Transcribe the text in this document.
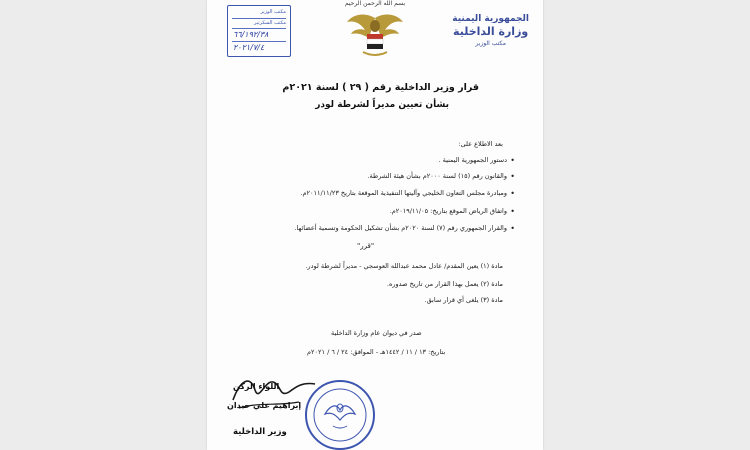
الجمهورية اليمنية
وزارة الداخلية
مكتب الوزير
بسم الله الرحمن الرحيم
مكتب الوزير
مكتب السكرتير
٦٦/١٩٢/٣٨
٢٠٢١/٧/٤
قرار وزير الداخلية رقم ( ٢٩ ) لسنة ٢٠٢١م
بشأن تعيين مديراً لشرطة لودر
بعد الاطلاع على:
• دستور الجمهورية اليمنية .
• والقانون رقم (١٥) لسنة ٢٠٠٠م بشأن هيئة الشرطة.
• ومبادرة مجلس التعاون الخليجي وآليتها التنفيذية الموقعة بتاريخ ٢٠١١/١١/٢٣م.
• واتفاق الرياض الموقع بتاريخ: ٢٠١٩/١١/٠٥م.
• والقرار الجمهوري رقم (٧) لسنة ٢٠٢٠م بشأن تشكيل الحكومة وتسمية أعضائها.
"قرر"
مادة (١) يعين المقدم/ عادل محمد عبدالله العوسجي - مديراً لشرطة لودر.
مادة (٢) يعمل بهذا القرار من تاريخ صدوره.
مادة (٣) يلغى أي قرار سابق.
صدر في ديوان عام وزارة الداخلية
بتاريخ: ١٣ / ١١ / ١٤٤٢هـ - الموافق: ٢٤ / ٦ / ٢٠٢١م
اللواء الركن
إبراهيم علي حيدان
وزير الداخلية
